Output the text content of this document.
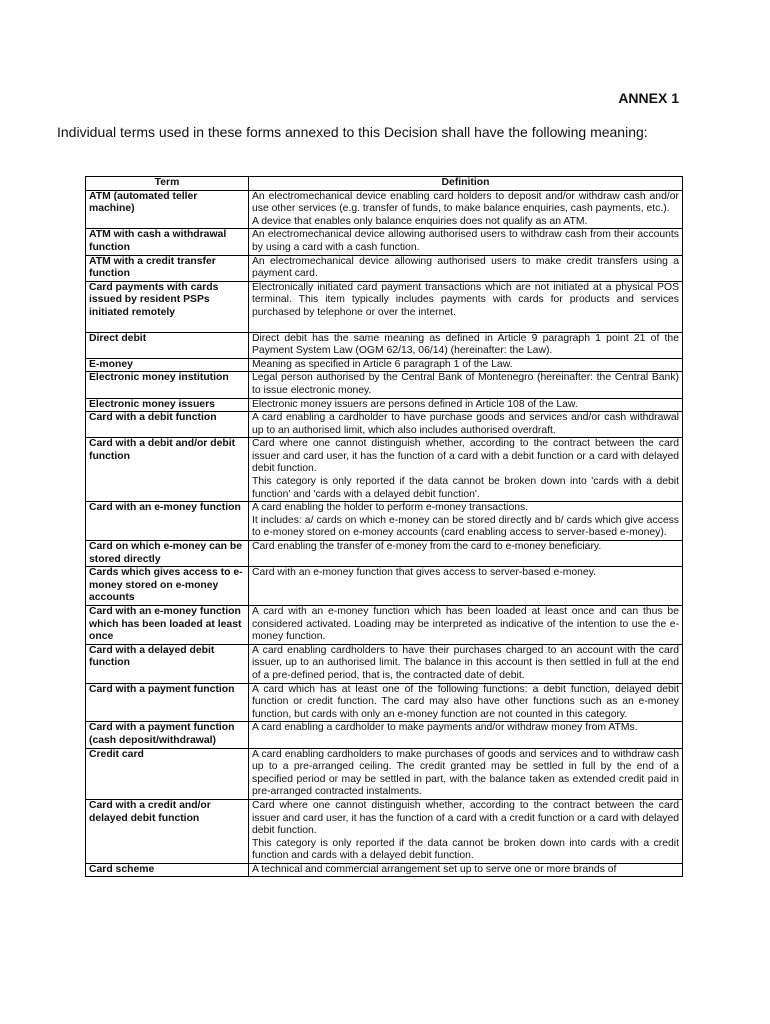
ANNEX 1
Individual terms used in these forms annexed to this Decision shall have the following meaning:
Term	Definition
ATM (automated teller machine)	An electromechanical device enabling card holders to deposit and/or withdraw cash and/or use other services (e.g. transfer of funds, to make balance enquiries, cash payments, etc.).
A device that enables only balance enquiries does not qualify as an ATM.

ATM with cash a withdrawal function	An electromechanical device allowing authorised users to withdraw cash from their accounts by using a card with a cash function.

ATM with a credit transfer function	An electromechanical device allowing authorised users to make credit transfers using a payment card.

Card payments with cards issued by resident PSPs initiated remotely	Electronically initiated card payment transactions which are not initiated at a physical POS terminal. This item typically includes payments with cards for products and services purchased by telephone or over the internet.

Direct debit	Direct debit has the same meaning as defined in Article 9 paragraph 1 point 21 of the Payment System Law (OGM 62/13, 06/14) (hereinafter: the Law).

E-money	Meaning as specified in Article 6 paragraph 1 of the Law.

Electronic money institution	Legal person authorised by the Central Bank of Montenegro (hereinafter: the Central Bank) to issue electronic money.

Electronic money issuers	Electronic money issuers are persons defined in Article 108 of the Law.

Card with a debit function	A card enabling a cardholder to have purchase goods and services and/or cash withdrawal up to an authorised limit, which also includes authorised overdraft.

Card with a debit and/or debit function	Card where one cannot distinguish whether, according to the contract between the card issuer and card user, it has the function of a card with a debit function or a card with delayed debit function.
This category is only reported if the data cannot be broken down into 'cards with a debit function' and 'cards with a delayed debit function'.

Card with an e-money function	A card enabling the holder to perform e-money transactions.
It includes: a/ cards on which e-money can be stored directly and b/ cards which give access to e-money stored on e-money accounts (card enabling access to server-based e-money).

Card on which e-money can be stored directly	Card enabling the transfer of e-money from the card to e-money beneficiary.

Cards which gives access to e-money stored on e-money accounts	Card with an e-money function that gives access to server-based e-money.

Card with an e-money function which has been loaded at least once	A card with an e-money function which has been loaded at least once and can thus be considered activated. Loading may be interpreted as indicative of the intention to use the e-money function.

Card with a delayed debit function	A card enabling cardholders to have their purchases charged to an account with the card issuer, up to an authorised limit. The balance in this account is then settled in full at the end of a pre-defined period, that is, the contracted date of debit.

Card with a payment function	A card which has at least one of the following functions: a debit function, delayed debit function or credit function. The card may also have other functions such as an e-money function, but cards with only an e-money function are not counted in this category.

Card with a payment function (cash deposit/withdrawal)	A card enabling a cardholder to make payments and/or withdraw money from ATMs.

Credit card	A card enabling cardholders to make purchases of goods and services and to withdraw cash up to a pre-arranged ceiling. The credit granted may be settled in full by the end of a specified period or may be settled in part, with the balance taken as extended credit paid in pre-arranged contracted instalments.

Card with a credit and/or delayed debit function	Card where one cannot distinguish whether, according to the contract between the card issuer and card user, it has the function of a card with a credit function or a card with delayed debit function.
This category is only reported if the data cannot be broken down into cards with a credit function and cards with a delayed debit function.

Card scheme	A technical and commercial arrangement set up to serve one or more brands of
